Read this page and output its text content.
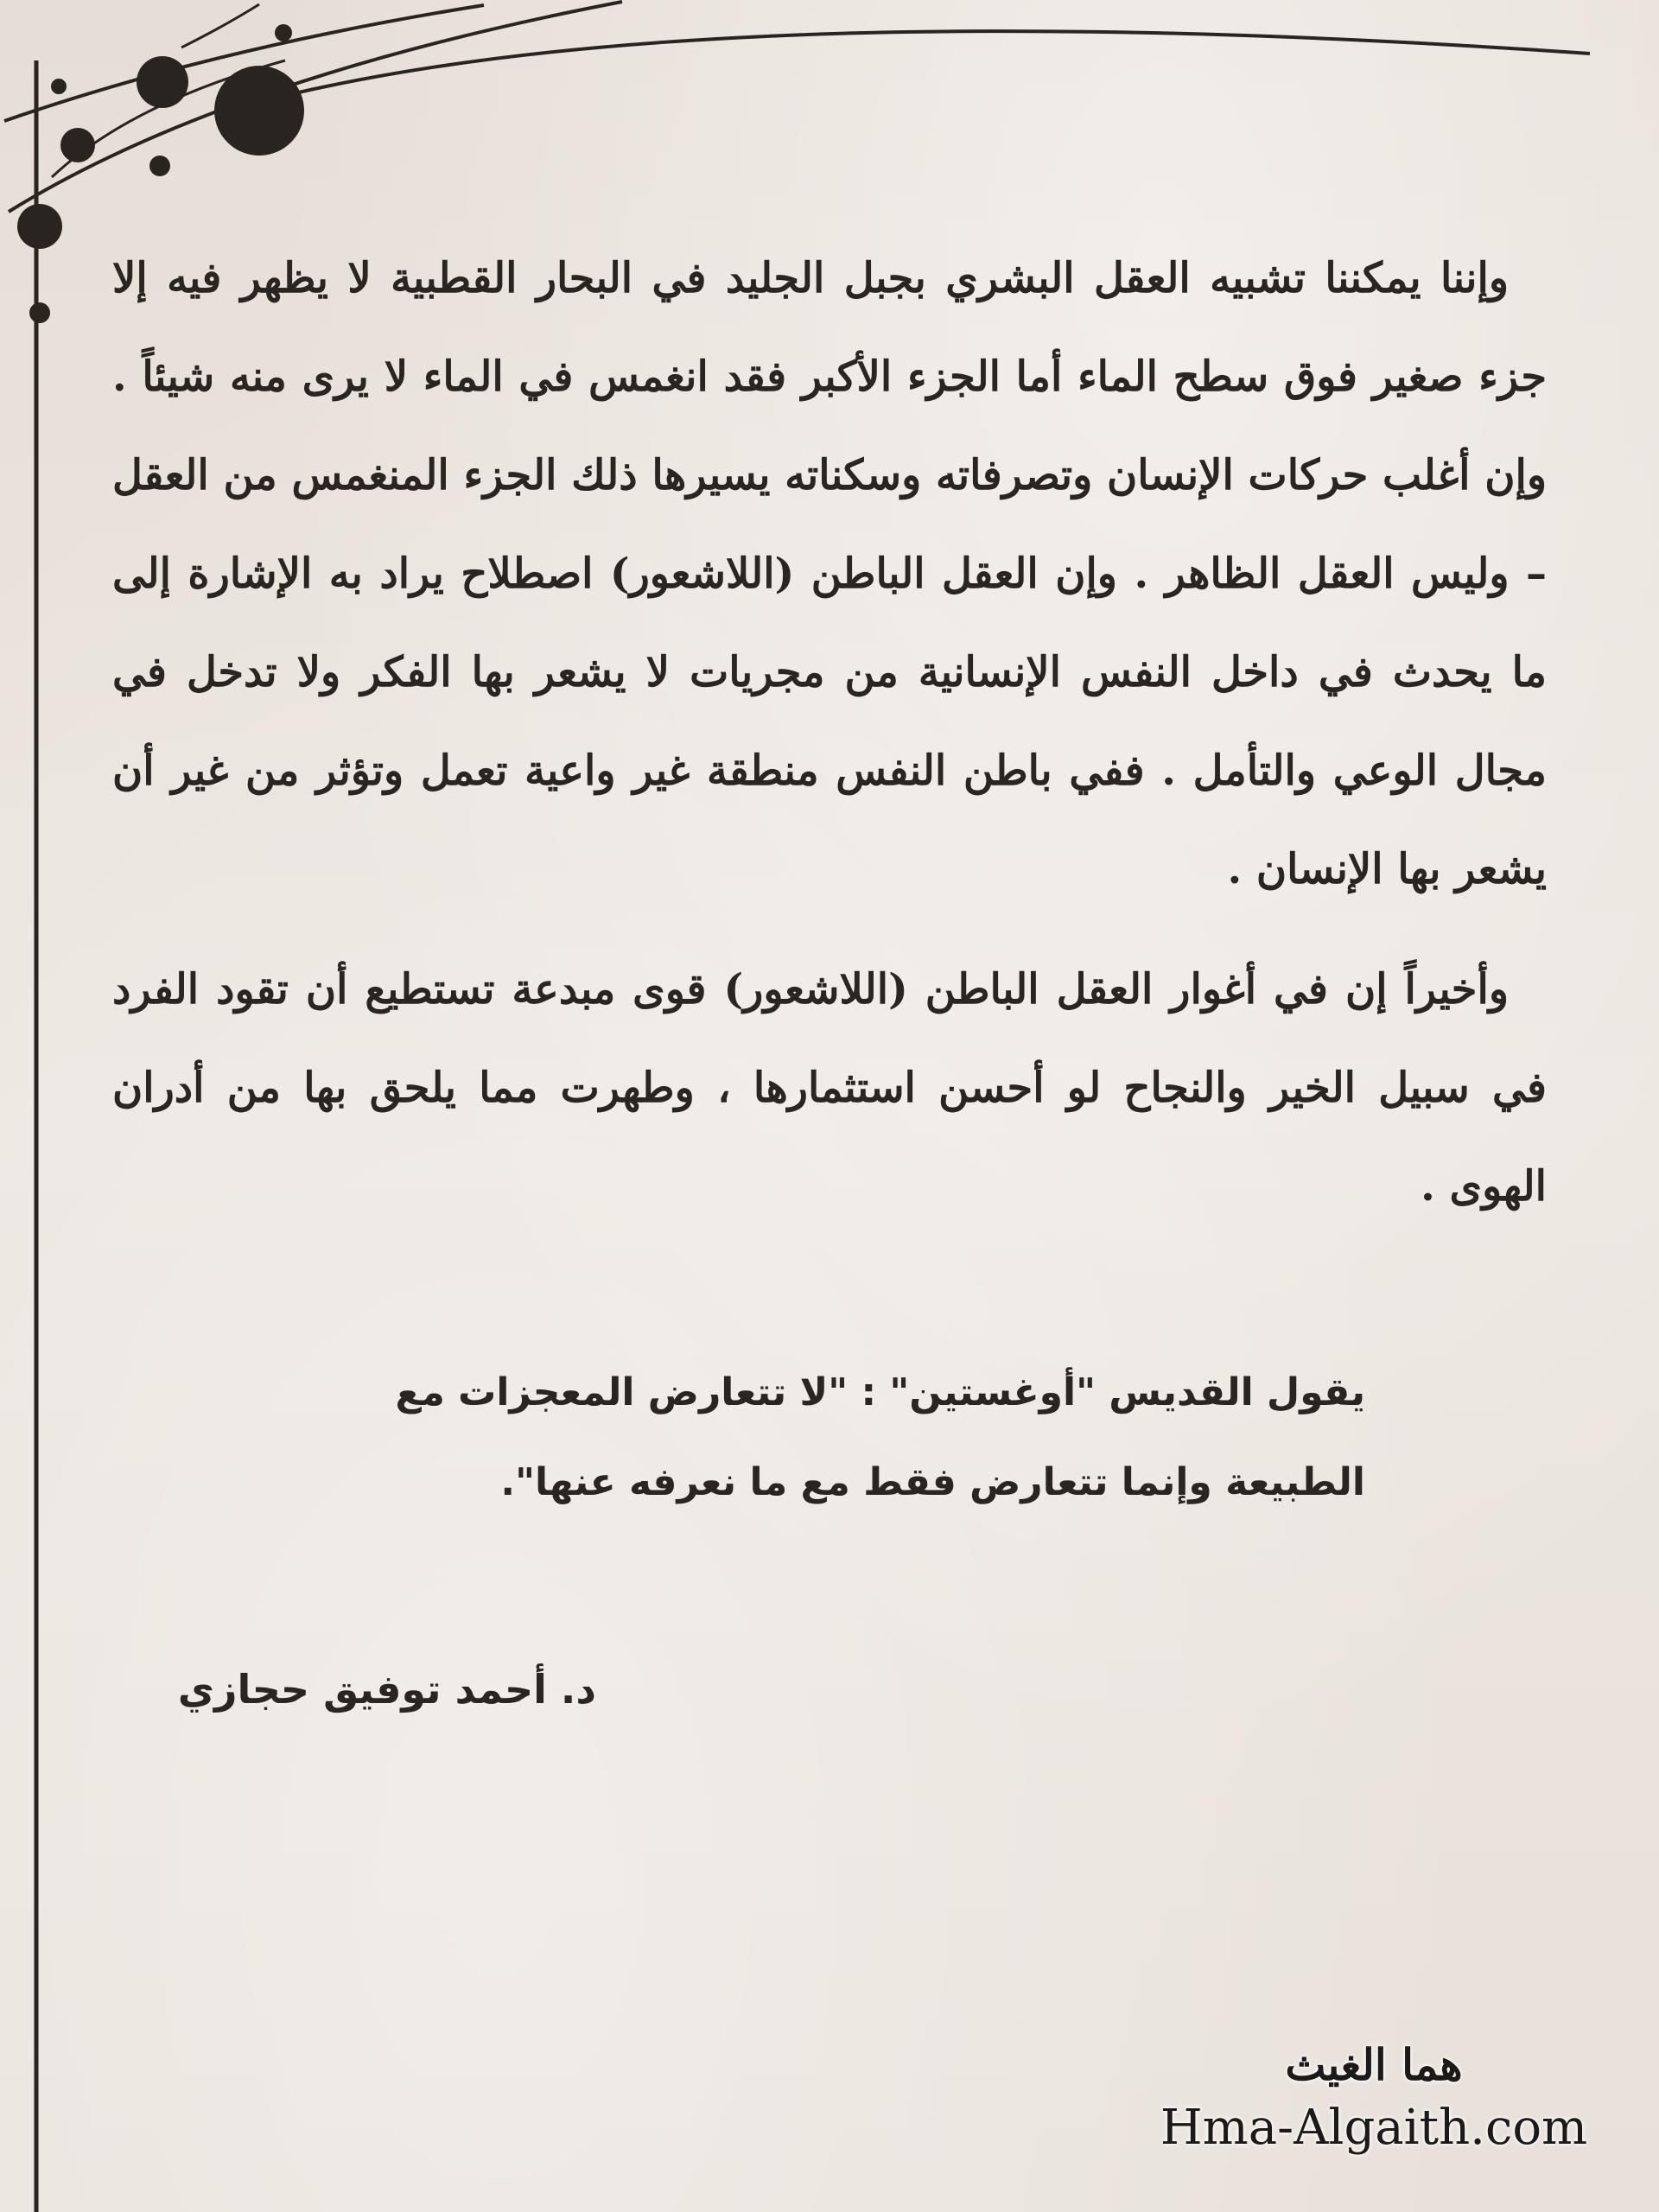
وإننا يمكننا تشبيه العقل البشري بجبل الجليد في البحار القطبية لا يظهر فيه إلا جزء صغير فوق سطح الماء أما الجزء الأكبر فقد انغمس في الماء لا يرى منه شيئاً . وإن أغلب حركات الإنسان وتصرفاته وسكناته يسيرها ذلك الجزء المنغمس من العقل – وليس العقل الظاهر . وإن العقل الباطن (اللاشعور) اصطلاح يراد به الإشارة إلى ما يحدث في داخل النفس الإنسانية من مجريات لا يشعر بها الفكر ولا تدخل في مجال الوعي والتأمل . ففي باطن النفس منطقة غير واعية تعمل وتؤثر من غير أن يشعر بها الإنسان .

وأخيراً إن في أغوار العقل الباطن (اللاشعور) قوى مبدعة تستطيع أن تقود الفرد في سبيل الخير والنجاح لو أحسن استثمارها ، وطهرت مما يلحق بها من أدران الهوى .

يقول القديس "أوغستين" : "لا تتعارض المعجزات مع

الطبيعة وإنما تتعارض فقط مع ما نعرفه عنها".

د. أحمد توفيق حجازي
هما الغيث
Hma-Algaith.com
